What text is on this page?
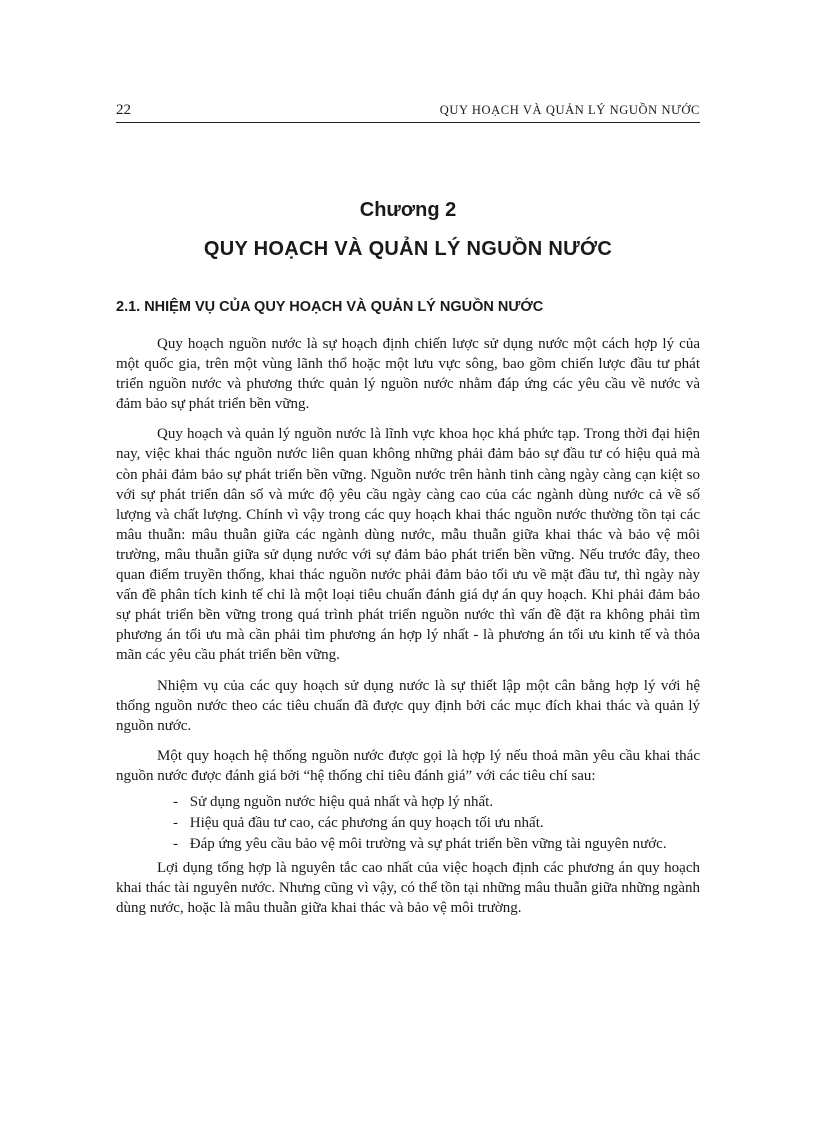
22	QUY HOẠCH VÀ QUẢN LÝ NGUỒN NƯỚC
Chương 2
QUY HOẠCH VÀ QUẢN LÝ NGUỒN NƯỚC
2.1. NHIỆM VỤ CỦA QUY HOẠCH VÀ QUẢN LÝ NGUỒN NƯỚC

Quy hoạch nguồn nước là sự hoạch định chiến lược sử dụng nước một cách hợp lý của một quốc gia, trên một vùng lãnh thổ hoặc một lưu vực sông, bao gồm chiến lược đầu tư phát triển nguồn nước và phương thức quản lý nguồn nước nhằm đáp ứng các yêu cầu về nước và đảm bảo sự phát triển bền vững.

Quy hoạch và quản lý nguồn nước là lĩnh vực khoa học khá phức tạp. Trong thời đại hiện nay, việc khai thác nguồn nước liên quan không những phải đảm bảo sự đầu tư có hiệu quả mà còn phải đảm bảo sự phát triển bền vững. Nguồn nước trên hành tinh càng ngày càng cạn kiệt so với sự phát triển dân số và mức độ yêu cầu ngày càng cao của các ngành dùng nước cả về số lượng và chất lượng. Chính vì vậy trong các quy hoạch khai thác nguồn nước thường tồn tại các mâu thuẫn: mâu thuẫn giữa các ngành dùng nước, mẫu thuẫn giữa khai thác và bảo vệ môi trường, mâu thuẫn giữa sử dụng nước với sự đảm bảo phát triển bền vững. Nếu trước đây, theo quan điểm truyền thống, khai thác nguồn nước phải đảm bảo tối ưu về mặt đầu tư, thì ngày này vấn đề phân tích kinh tế chỉ là một loại tiêu chuẩn đánh giá dự án quy hoạch. Khi phải đảm bảo sự phát triển bền vững trong quá trình phát triển nguồn nước thì vấn đề đặt ra không phải tìm phương án tối ưu mà cần phải tìm phương án hợp lý nhất - là phương án tối ưu kinh tế và thỏa mãn các yêu cầu phát triển bền vững.

Nhiệm vụ của các quy hoạch sử dụng nước là sự thiết lập một cân bằng hợp lý với hệ thống nguồn nước theo các tiêu chuẩn đã được quy định bởi các mục đích khai thác và quản lý nguồn nước.

Một quy hoạch hệ thống nguồn nước được gọi là hợp lý nếu thoả mãn yêu cầu khai thác nguồn nước được đánh giá bởi “hệ thống chỉ tiêu đánh giá” với các tiêu chí sau:

- Sử dụng nguồn nước hiệu quả nhất và hợp lý nhất.
- Hiệu quả đầu tư cao, các phương án quy hoạch tối ưu nhất.
- Đáp ứng yêu cầu bảo vệ môi trường và sự phát triển bền vững tài nguyên nước.

Lợi dụng tổng hợp là nguyên tắc cao nhất của việc hoạch định các phương án quy hoạch khai thác tài nguyên nước. Nhưng cũng vì vậy, có thể tồn tại những mâu thuẫn giữa những ngành dùng nước, hoặc là mâu thuẫn giữa khai thác và bảo vệ môi trường.
